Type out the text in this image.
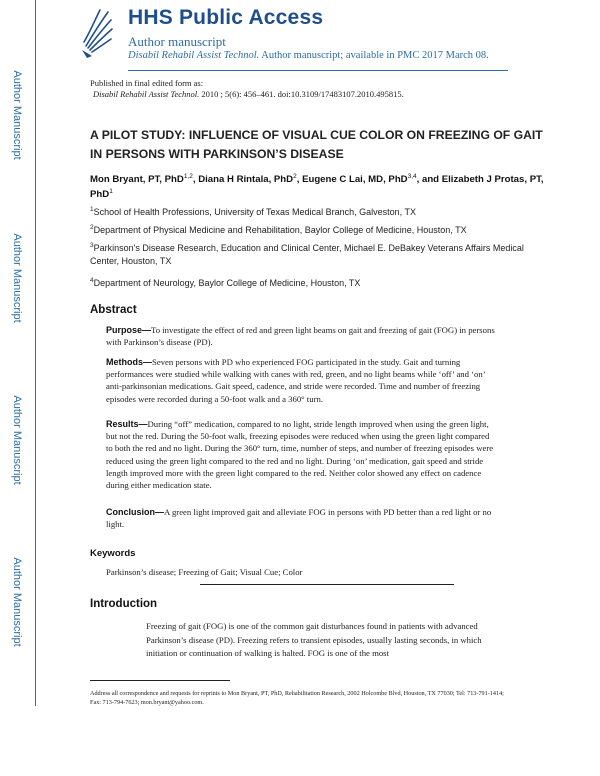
Author Manuscript
Author Manuscript
Author Manuscript
Author Manuscript
HHS Public Access
Author manuscript
Disabil Rehabil Assist Technol. Author manuscript; available in PMC 2017 March 08.
Published in final edited form as:
Disabil Rehabil Assist Technol. 2010 ; 5(6): 456–461. doi:10.3109/17483107.2010.495815.
A PILOT STUDY: INFLUENCE OF VISUAL CUE COLOR ON FREEZING OF GAIT IN PERSONS WITH PARKINSON’S DISEASE
Mon Bryant, PT, PhD$^{1,2}$, Diana H Rintala, PhD$^2$, Eugene C Lai, MD, PhD$^{3,4}$, and Elizabeth J Protas, PT, PhD$^1$
$^1$School of Health Professions, University of Texas Medical Branch, Galveston, TX
$^2$Department of Physical Medicine and Rehabilitation, Baylor College of Medicine, Houston, TX
$^3$Parkinson's Disease Research, Education and Clinical Center, Michael E. DeBakey Veterans Affairs Medical Center, Houston, TX
$^4$Department of Neurology, Baylor College of Medicine, Houston, TX
Abstract
Purpose—To investigate the effect of red and green light beams on gait and freezing of gait (FOG) in persons with Parkinson’s disease (PD).
Methods—Seven persons with PD who experienced FOG participated in the study. Gait and turning performances were studied while walking with canes with red, green, and no light beams while ‘off’ and ‘on’ anti-parkinsonian medications. Gait speed, cadence, and stride were recorded. Time and number of freezing episodes were recorded during a 50-foot walk and a 360° turn.
Results—During “off” medication, compared to no light, stride length improved when using the green light, but not the red. During the 50-foot walk, freezing episodes were reduced when using the green light compared to both the red and no light. During the 360° turn, time, number of steps, and number of freezing episodes were reduced using the green light compared to the red and no light. During ‘on’ medication, gait speed and stride length improved more with the green light compared to the red. Neither color showed any effect on cadence during either medication state.
Conclusion—A green light improved gait and alleviate FOG in persons with PD better than a red light or no light.
Keywords
Parkinson’s disease; Freezing of Gait; Visual Cue; Color
Introduction
Freezing of gait (FOG) is one of the common gait disturbances found in patients with advanced Parkinson’s disease (PD). Freezing refers to transient episodes, usually lasting seconds, in which initiation or continuation of walking is halted. FOG is one of the most
Address all correspondence and requests for reprints to Mon Bryant, PT, PhD, Rehabilitation Research, 2002 Holcombe Blvd, Houston, TX 77030; Tel: 713-791-1414; Fax: 713-794-7623; mon.bryant@yahoo.com.
